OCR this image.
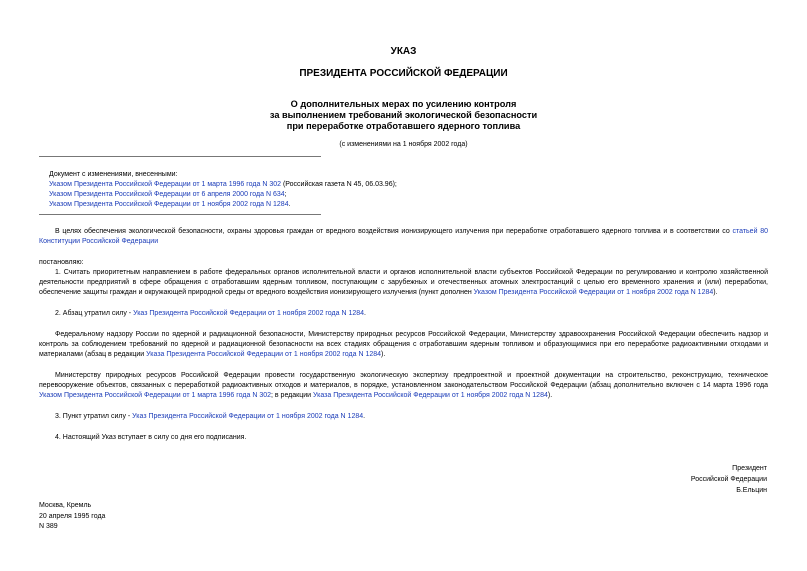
УКАЗ
ПРЕЗИДЕНТА РОССИЙСКОЙ ФЕДЕРАЦИИ
О дополнительных мерах по усилению контроля
за выполнением требований экологической безопасности
при переработке отработавшего ядерного топлива
(с изменениями на 1 ноября 2002 года)
Документ с изменениями, внесенными:
Указом Президента Российской Федерации от 1 марта 1996 года N 302 (Российская газета N 45, 06.03.96);
Указом Президента Российской Федерации от 6 апреля 2000 года N 634;
Указом Президента Российской Федерации от 1 ноября 2002 года N 1284.
В целях обеспечения экологической безопасности, охраны здоровья граждан от вредного воздействия ионизирующего излучения при переработке отработавшего ядерного топлива и в соответствии со статьей 80 Конституции Российской Федерации
постановляю:
1. Считать приоритетным направлением в работе федеральных органов исполнительной власти и органов исполнительной власти субъектов Российской Федерации по регулированию и контролю хозяйственной деятельности предприятий в сфере обращения с отработавшим ядерным топливом, поступающим с зарубежных и отечественных атомных электростанций с целью его временного хранения и (или) переработки, обеспечение защиты граждан и окружающей природной среды от вредного воздействия ионизирующего излучения (пункт дополнен Указом Президента Российской Федерации от 1 ноября 2002 года N 1284).
2. Абзац утратил силу - Указ Президента Российской Федерации от 1 ноября 2002 года N 1284.
Федеральному надзору России по ядерной и радиационной безопасности, Министерству природных ресурсов Российской Федерации, Министерству здравоохранения Российской Федерации обеспечить надзор и контроль за соблюдением требований по ядерной и радиационной безопасности на всех стадиях обращения с отработавшим ядерным топливом и образующимися при его переработке радиоактивными отходами и материалами (абзац в редакции Указа Президента Российской Федерации от 1 ноября 2002 года N 1284).
Министерству природных ресурсов Российской Федерации провести государственную экологическую экспертизу предпроектной и проектной документации на строительство, реконструкцию, техническое перевооружение объектов, связанных с переработкой радиоактивных отходов и материалов, в порядке, установленном законодательством Российской Федерации (абзац дополнительно включен с 14 марта 1996 года Указом Президента Российской Федерации от 1 марта 1996 года N 302; в редакции Указа Президента Российской Федерации от 1 ноября 2002 года N 1284).
3. Пункт утратил силу - Указ Президента Российской Федерации от 1 ноября 2002 года N 1284.
4. Настоящий Указ вступает в силу со дня его подписания.
Президент
Российской Федерации
Б.Ельцин
Москва, Кремль
20 апреля 1995 года
N 389
